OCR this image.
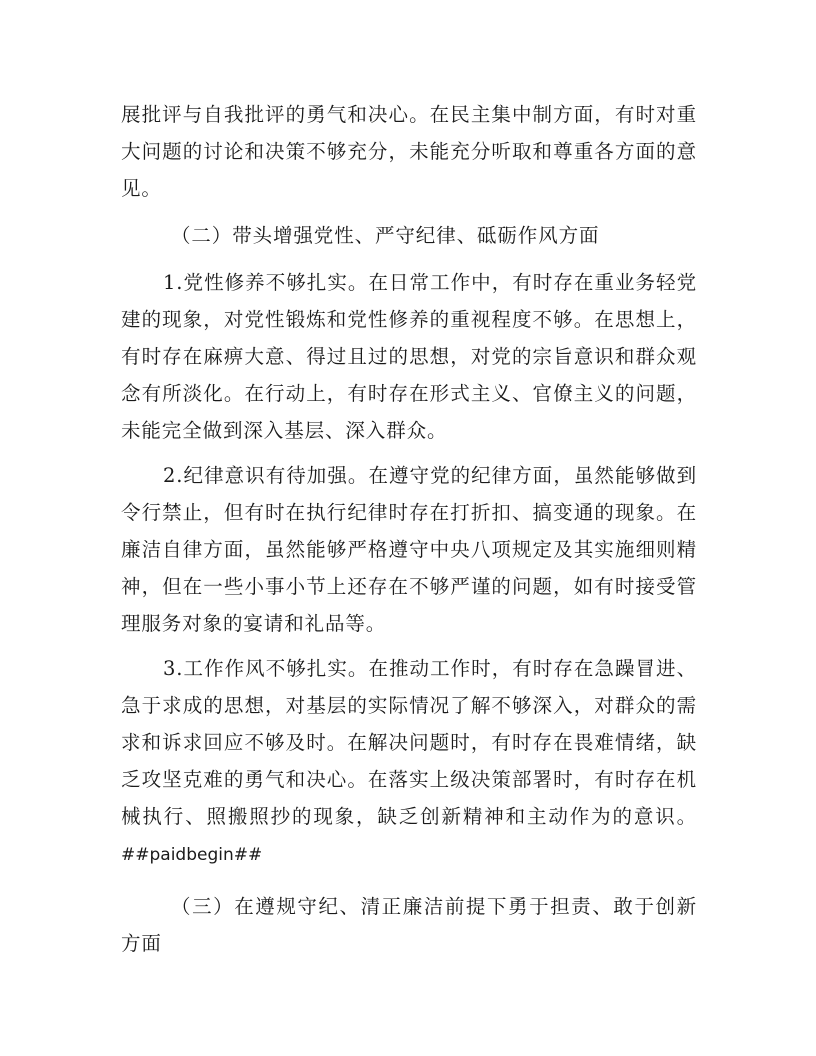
展批评与自我批评的勇气和决心。在民主集中制方面，有时对重大问题的讨论和决策不够充分，未能充分听取和尊重各方面的意见。

（二）带头增强党性、严守纪律、砥砺作风方面

1.党性修养不够扎实。在日常工作中，有时存在重业务轻党建的现象，对党性锻炼和党性修养的重视程度不够。在思想上，有时存在麻痹大意、得过且过的思想，对党的宗旨意识和群众观念有所淡化。在行动上，有时存在形式主义、官僚主义的问题，未能完全做到深入基层、深入群众。

2.纪律意识有待加强。在遵守党的纪律方面，虽然能够做到令行禁止，但有时在执行纪律时存在打折扣、搞变通的现象。在廉洁自律方面，虽然能够严格遵守中央八项规定及其实施细则精神，但在一些小事小节上还存在不够严谨的问题，如有时接受管理服务对象的宴请和礼品等。

3.工作作风不够扎实。在推动工作时，有时存在急躁冒进、急于求成的思想，对基层的实际情况了解不够深入，对群众的需求和诉求回应不够及时。在解决问题时，有时存在畏难情绪，缺乏攻坚克难的勇气和决心。在落实上级决策部署时，有时存在机械执行、照搬照抄的现象，缺乏创新精神和主动作为的意识。##paidbegin##

（三）在遵规守纪、清正廉洁前提下勇于担责、敢于创新方面
